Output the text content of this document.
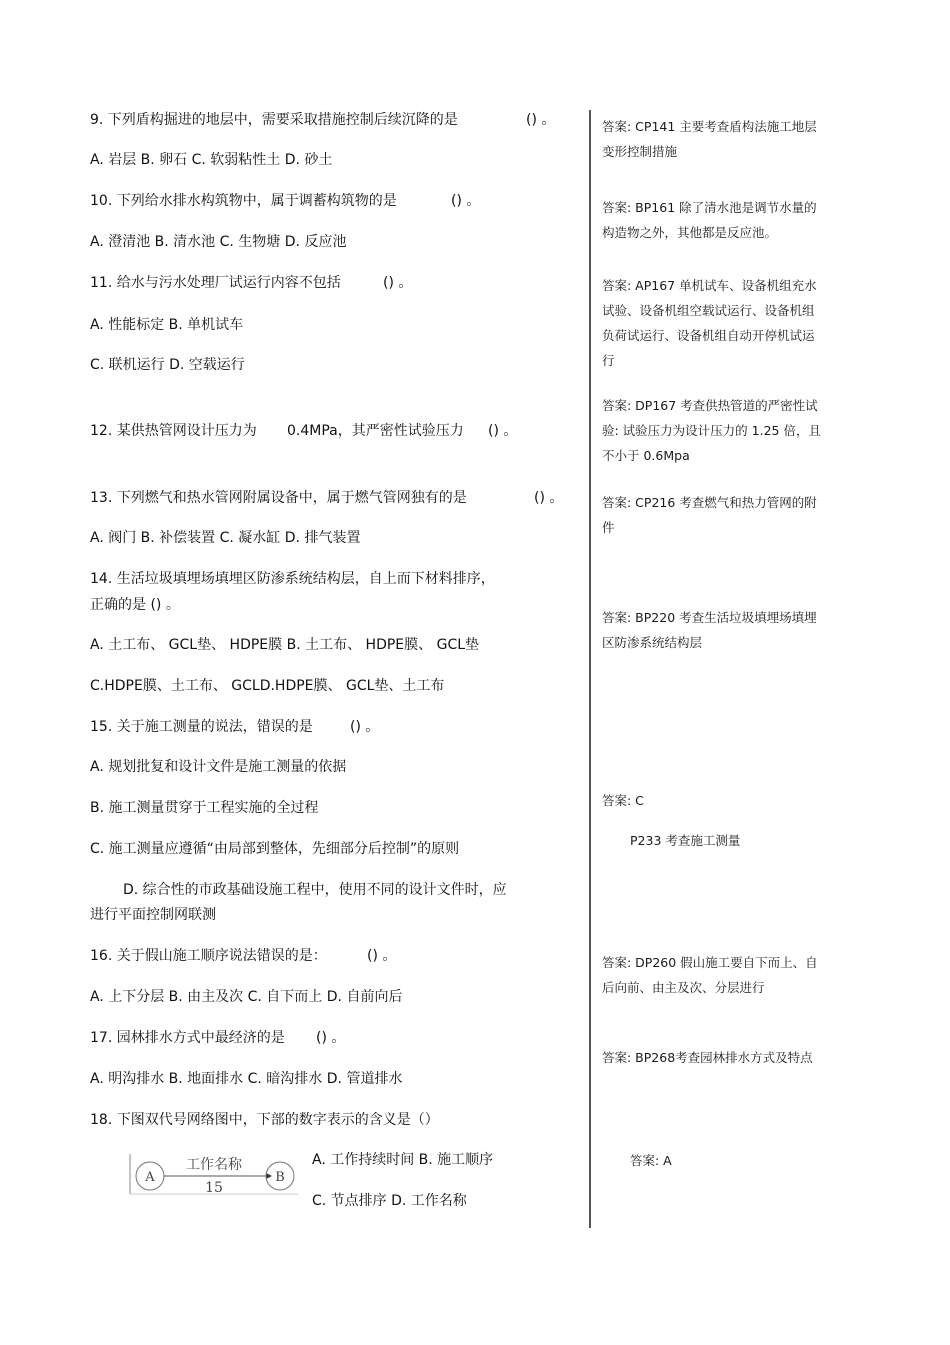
9. 下列盾构掘进的地层中，需要采取措施控制后续沉降的是	() 。
A. 岩层 B. 卵石 C. 软弱粘性土 D. 砂土
10. 下列给水排水构筑物中，属于调蓄构筑物的是	() 。
A. 澄清池 B. 清水池 C. 生物塘 D. 反应池
11. 给水与污水处理厂试运行内容不包括	() 。
A. 性能标定 B. 单机试车
C. 联机运行 D. 空载运行
12. 某供热管网设计压力为 0.4MPa，其严密性试验压力 () 。
13. 下列燃气和热水管网附属设备中，属于燃气管网独有的是	() 。
A. 阀门 B. 补偿装置 C. 凝水缸 D. 排气装置
14. 生活垃圾填埋场填埋区防渗系统结构层，自上而下材料排序，
正确的是 () 。
A. 土工布、 GCL垫、 HDPE膜 B. 土工布、 HDPE膜、 GCL垫
C.HDPE膜、土工布、 GCLD.HDPE膜、 GCL垫、土工布
15. 关于施工测量的说法，错误的是	() 。
A. 规划批复和设计文件是施工测量的依据
B. 施工测量贯穿于工程实施的全过程
C. 施工测量应遵循“由局部到整体，先细部分后控制”的原则
D. 综合性的市政基础设施工程中，使用不同的设计文件时，应
进行平面控制网联测
16. 关于假山施工顺序说法错误的是：	() 。
A. 上下分层 B. 由主及次 C. 自下而上 D. 自前向后
17. 园林排水方式中最经济的是 () 。
A. 明沟排水 B. 地面排水 C. 暗沟排水 D. 管道排水
18. 下图双代号网络图中，下部的数字表示的含义是（）
A. 工作持续时间 B. 施工顺序
C. 节点排序 D. 工作名称
A	B
工作名称
15
答案: CP141 主要考查盾构法施工地层
变形控制措施
答案: BP161 除了清水池是调节水量的
构造物之外，其他都是反应池。
答案: AP167 单机试车、设备机组充水
试验、设备机组空载试运行、设备机组
负荷试运行、设备机组自动开停机试运
行
答案: DP167 考查供热管道的严密性试
验: 试验压力为设计压力的 1.25 倍，且
不小于 0.6Mpa
答案: CP216 考查燃气和热力管网的附
件
答案: BP220 考查生活垃圾填埋场填埋
区防渗系统结构层
答案: C
P233 考查施工测量
答案: DP260 假山施工要自下而上、自
后向前、由主及次、分层进行
答案: BP268考查园林排水方式及特点
答案: A
